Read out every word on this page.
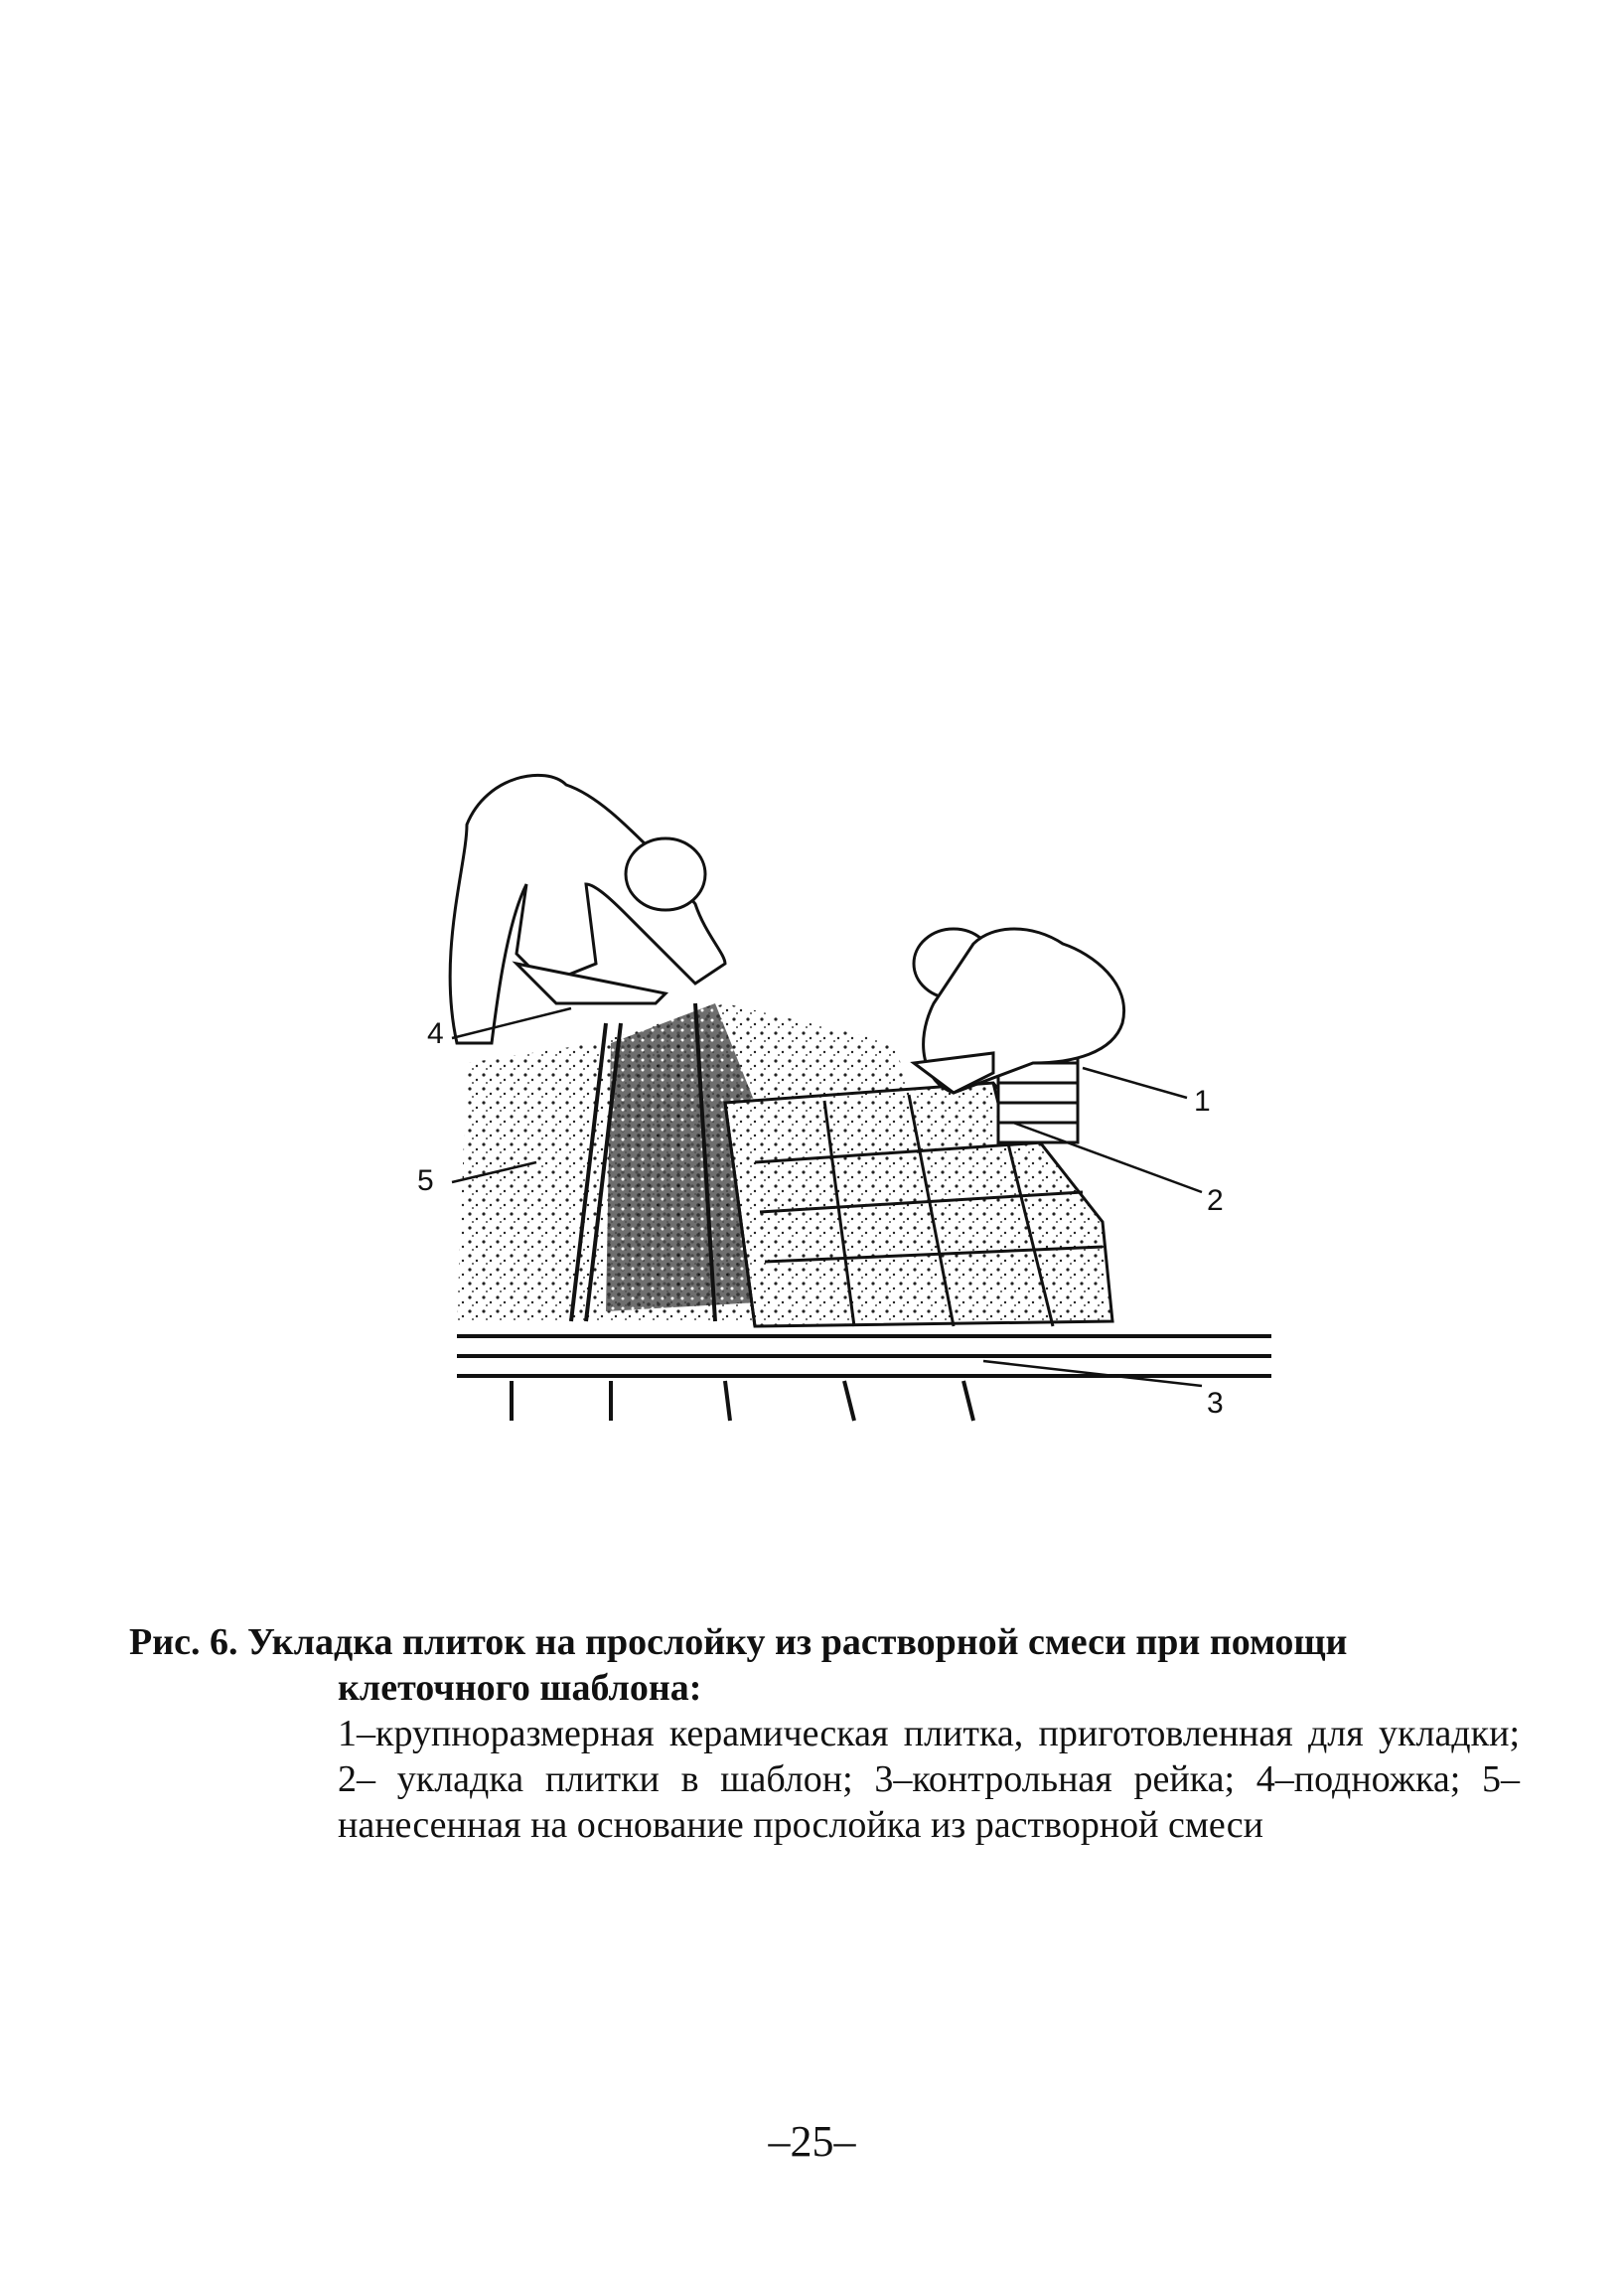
1
2
3
4
5
Рис. 6. Укладка плиток на прослойку из растворной смеси при помощи
клеточного шаблона:
1–крупноразмерная керамическая плитка, приготовленная для укладки; 2– укладка плитки в шаблон; 3–контрольная рейка; 4–подножка; 5–нанесенная на основание прослойка из растворной смеси
–25–
